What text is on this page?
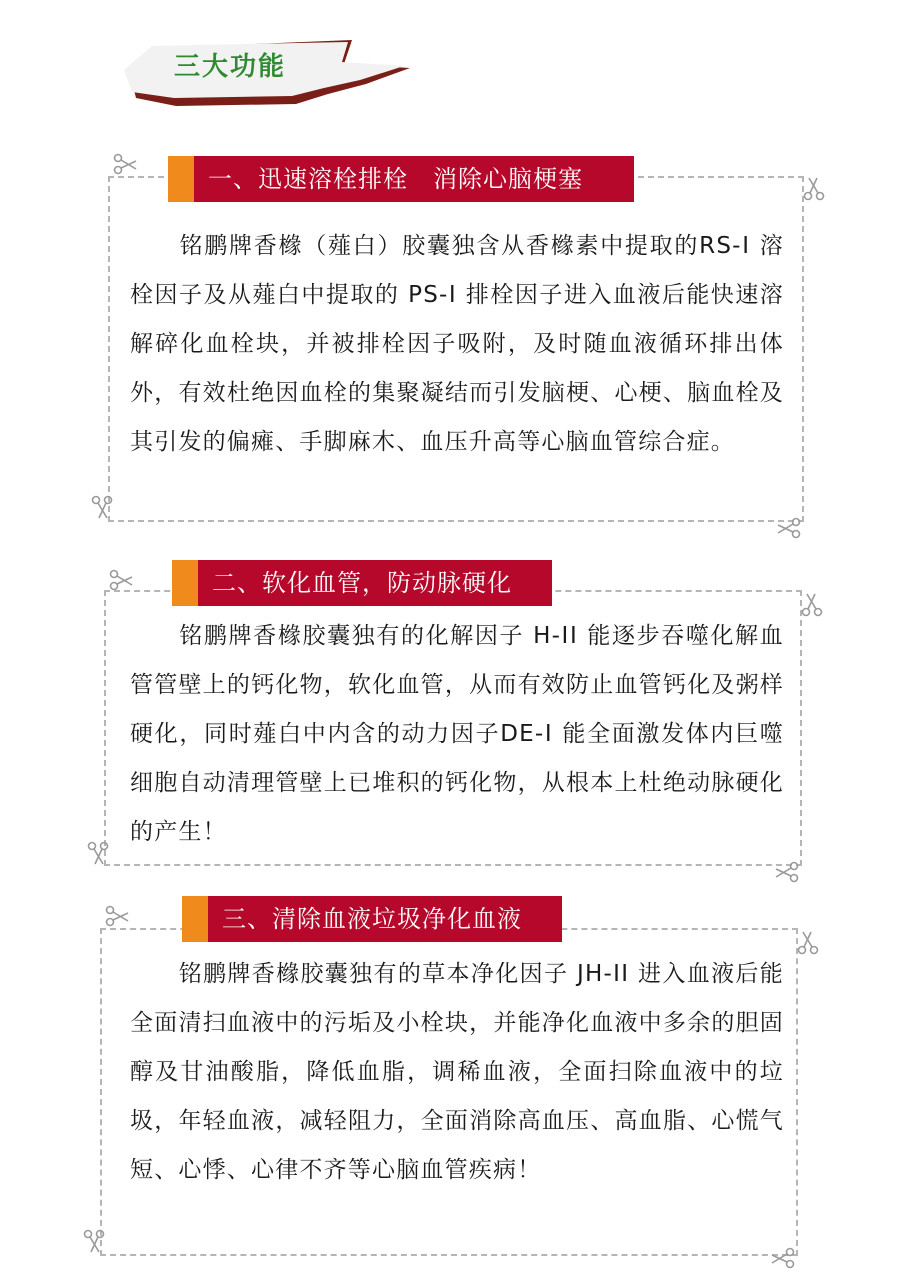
三大功能
一、迅速溶栓排栓　消除心脑梗塞
　　铭鹏牌香橼（薤白）胶囊独含从香橼素中提取的RS-Ⅰ 溶栓因子及从薤白中提取的 PS-Ⅰ 排栓因子进入血液后能快速溶解碎化血栓块，并被排栓因子吸附，及时随血液循环排出体外，有效杜绝因血栓的集聚凝结而引发脑梗、心梗、脑血栓及其引发的偏瘫、手脚麻木、血压升高等心脑血管综合症。
二、软化血管，防动脉硬化
　　铭鹏牌香橼胶囊独有的化解因子 H-ⅠⅠ 能逐步吞噬化解血管管壁上的钙化物，软化血管，从而有效防止血管钙化及粥样硬化，同时薤白中内含的动力因子DE-Ⅰ 能全面激发体内巨噬细胞自动清理管壁上已堆积的钙化物，从根本上杜绝动脉硬化的产生！
三、清除血液垃圾净化血液
　　铭鹏牌香橼胶囊独有的草本净化因子 JH-ⅠⅠ 进入血液后能全面清扫血液中的污垢及小栓块，并能净化血液中多余的胆固醇及甘油酸脂，降低血脂，调稀血液，全面扫除血液中的垃圾，年轻血液，减轻阻力，全面消除高血压、高血脂、心慌气短、心悸、心律不齐等心脑血管疾病！
